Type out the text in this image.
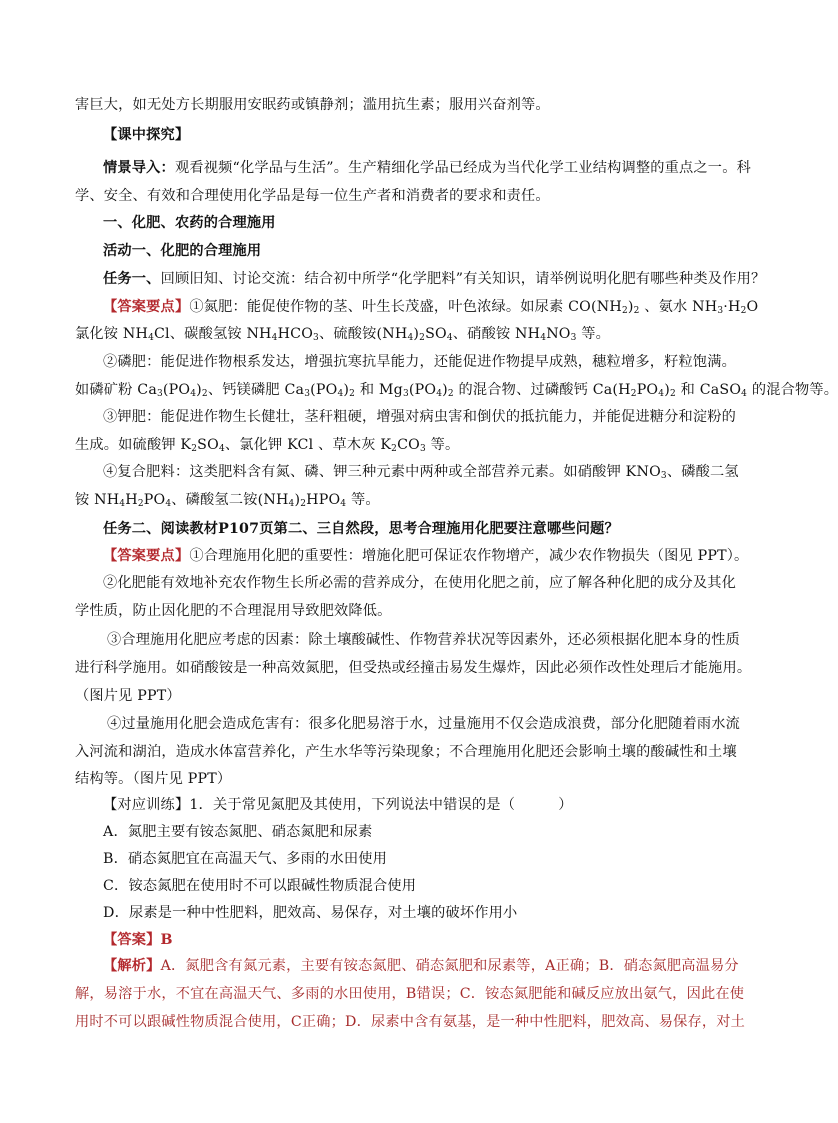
害巨大，如无处方长期服用安眠药或镇静剂；滥用抗生素；服用兴奋剂等。
【课中探究】
情景导入：观看视频“化学品与生活”。生产精细化学品已经成为当代化学工业结构调整的重点之一。科
学、安全、有效和合理使用化学品是每一位生产者和消费者的要求和责任。
一、化肥、农药的合理施用
活动一、化肥的合理施用
任务一、回顾旧知、讨论交流：结合初中所学“化学肥料”有关知识，请举例说明化肥有哪些种类及作用？
【答案要点】①氮肥：能促使作物的茎、叶生长茂盛，叶色浓绿。如尿素 $CO(NH_2)_2$ 、氨水 $NH_3\cdot H_2O$
氯化铵 $NH_4Cl$、碳酸氢铵 $NH_4HCO_3$、硫酸铵$(NH_4)_2SO_4$、硝酸铵 $NH_4NO_3$ 等。
②磷肥：能促进作物根系发达，增强抗寒抗旱能力，还能促进作物提早成熟，穗粒增多，籽粒饱满。
如磷矿粉 $Ca_3(PO_4)_2$、钙镁磷肥 $Ca_3(PO_4)_2$ 和 $Mg_3(PO_4)_2$ 的混合物、过磷酸钙 $Ca(H_2PO_4)_2$ 和 CaSO$_4$ 的混合物等。
③钾肥：能促进作物生长健壮，茎秆粗硬，增强对病虫害和倒伏的抵抗能力，并能促进糖分和淀粉的
生成。如硫酸钾 $K_2SO_4$、氯化钾 KCl 、草木灰 $K_2CO_3$ 等。
④复合肥料：这类肥料含有氮、磷、钾三种元素中两种或全部营养元素。如硝酸钾 $KNO_3$、磷酸二氢
铵 $NH_4H_2PO_4$、磷酸氢二铵$(NH_4)_2HPO_4$ 等。
任务二、阅读教材P107页第二、三自然段，思考合理施用化肥要注意哪些问题？
【答案要点】①合理施用化肥的重要性：增施化肥可保证农作物增产，减少农作物损失（图见 PPT）。
②化肥能有效地补充农作物生长所必需的营养成分，在使用化肥之前，应了解各种化肥的成分及其化
学性质，防止因化肥的不合理混用导致肥效降低。
③合理施用化肥应考虑的因素：除土壤酸碱性、作物营养状况等因素外，还必须根据化肥本身的性质
进行科学施用。如硝酸铵是一种高效氮肥，但受热或经撞击易发生爆炸，因此必须作改性处理后才能施用。
（图片见 PPT）
④过量施用化肥会造成危害有：很多化肥易溶于水，过量施用不仅会造成浪费，部分化肥随着雨水流
入河流和湖泊，造成水体富营养化，产生水华等污染现象；不合理施用化肥还会影响土壤的酸碱性和土壤
结构等。（图片见 PPT）
【对应训练】1．关于常见氮肥及其使用，下列说法中错误的是（　　　）
A．氮肥主要有铵态氮肥、硝态氮肥和尿素
B．硝态氮肥宜在高温天气、多雨的水田使用
C．铵态氮肥在使用时不可以跟碱性物质混合使用
D．尿素是一种中性肥料，肥效高、易保存，对土壤的破坏作用小
【答案】B
【解析】A．氮肥含有氮元素，主要有铵态氮肥、硝态氮肥和尿素等，A正确；B．硝态氮肥高温易分
解，易溶于水，不宜在高温天气、多雨的水田使用，B错误；C．铵态氮肥能和碱反应放出氨气，因此在使
用时不可以跟碱性物质混合使用，C正确；D．尿素中含有氨基，是一种中性肥料，肥效高、易保存，对土
